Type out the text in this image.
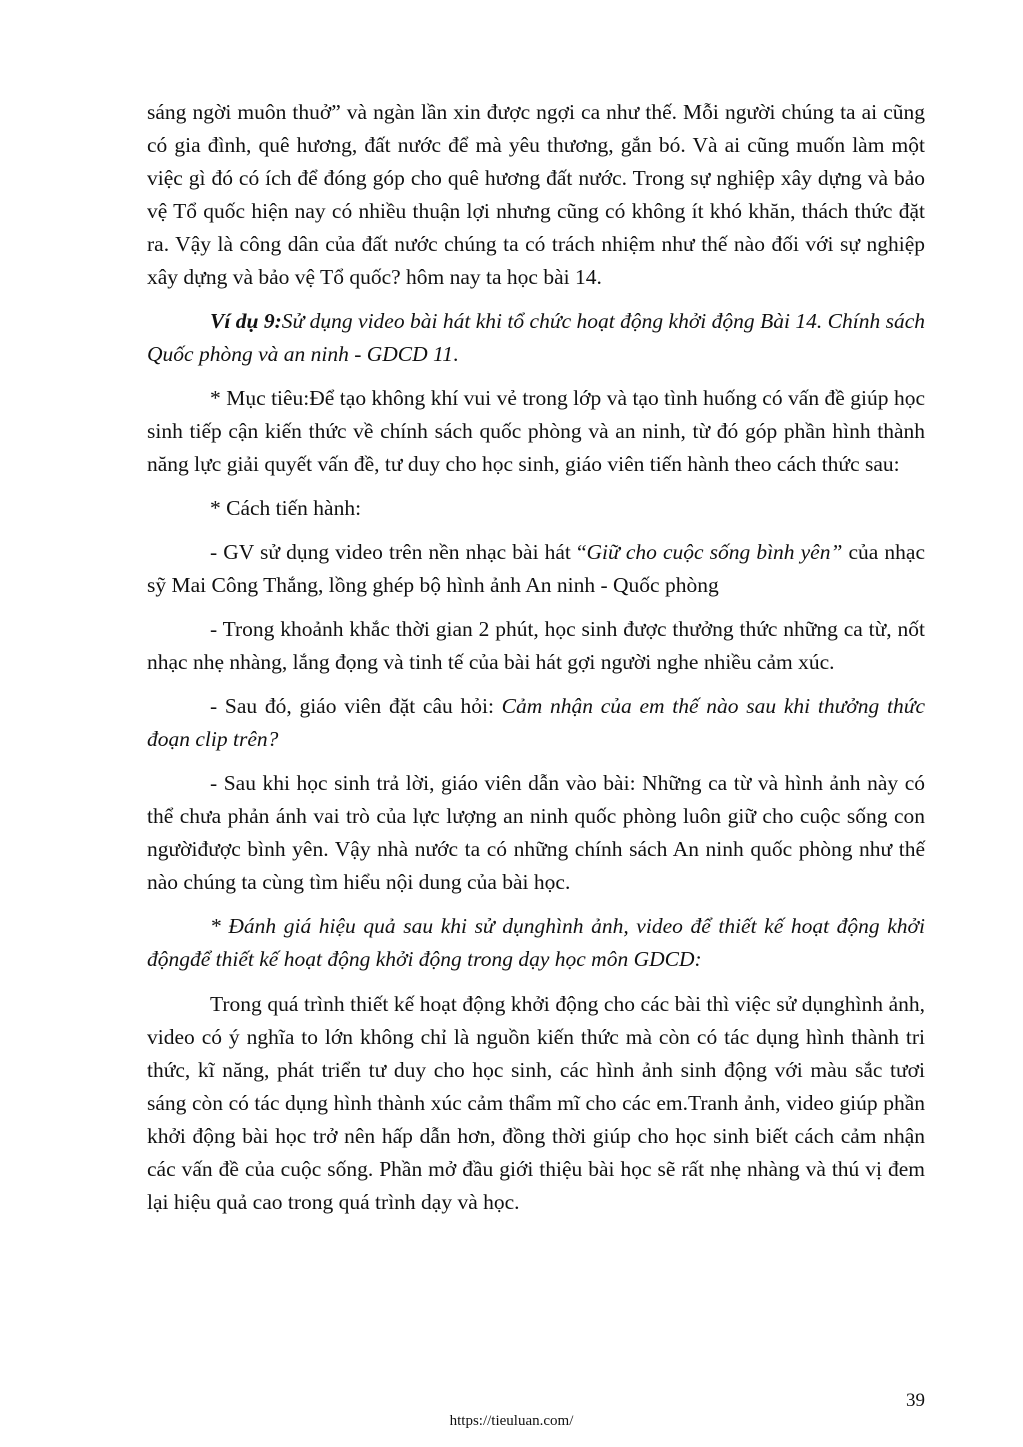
sáng ngời muôn thuở” và ngàn lần xin được ngợi ca như thế. Mỗi người chúng ta ai cũng có gia đình, quê hương, đất nước để mà yêu thương, gắn bó. Và ai cũng muốn làm một việc gì đó có ích để đóng góp cho quê hương đất nước. Trong sự nghiệp xây dựng và bảo vệ Tổ quốc hiện nay có nhiều thuận lợi nhưng cũng có không ít khó khăn, thách thức đặt ra. Vậy là công dân của đất nước chúng ta có trách nhiệm như thế nào đối với sự nghiệp xây dựng và bảo vệ Tổ quốc? hôm nay ta học bài 14.

Ví dụ 9:Sử dụng video bài hát khi tổ chức hoạt động khởi động Bài 14. Chính sách Quốc phòng và an ninh - GDCD 11.

* Mục tiêu:Để tạo không khí vui vẻ trong lớp và tạo tình huống có vấn đề giúp học sinh tiếp cận kiến thức về chính sách quốc phòng và an ninh, từ đó góp phần hình thành năng lực giải quyết vấn đề, tư duy cho học sinh, giáo viên tiến hành theo cách thức sau:

* Cách tiến hành:

- GV sử dụng video trên nền nhạc bài hát “Giữ cho cuộc sống bình yên” của nhạc sỹ Mai Công Thắng, lồng ghép bộ hình ảnh An ninh - Quốc phòng

- Trong khoảnh khắc thời gian 2 phút, học sinh được thưởng thức những ca từ, nốt nhạc nhẹ nhàng, lắng đọng và tinh tế của bài hát gợi người nghe nhiều cảm xúc.

- Sau đó, giáo viên đặt câu hỏi: Cảm nhận của em thế nào sau khi thưởng thức đoạn clip trên?

- Sau khi học sinh trả lời, giáo viên dẫn vào bài: Những ca từ và hình ảnh này có thể chưa phản ánh vai trò của lực lượng an ninh quốc phòng luôn giữ cho cuộc sống con ngườiđược bình yên. Vậy nhà nước ta có những chính sách An ninh quốc phòng như thế nào chúng ta cùng tìm hiểu nội dung của bài học.

* Đánh giá hiệu quả sau khi sử dụnghình ảnh, video để thiết kế hoạt động khởi độngđể thiết kế hoạt động khởi động trong dạy học môn GDCD:

Trong quá trình thiết kế hoạt động khởi động cho các bài thì việc sử dụnghình ảnh, video có ý nghĩa to lớn không chỉ là nguồn kiến thức mà còn có tác dụng hình thành tri thức, kĩ năng, phát triển tư duy cho học sinh, các hình ảnh sinh động với màu sắc tươi sáng còn có tác dụng hình thành xúc cảm thẩm mĩ cho các em.Tranh ảnh, video giúp phần khởi động bài học trở nên hấp dẫn hơn, đồng thời giúp cho học sinh biết cách cảm nhận các vấn đề của cuộc sống. Phần mở đầu giới thiệu bài học sẽ rất nhẹ nhàng và thú vị đem lại hiệu quả cao trong quá trình dạy và học.

39
https://tieuluan.com/
